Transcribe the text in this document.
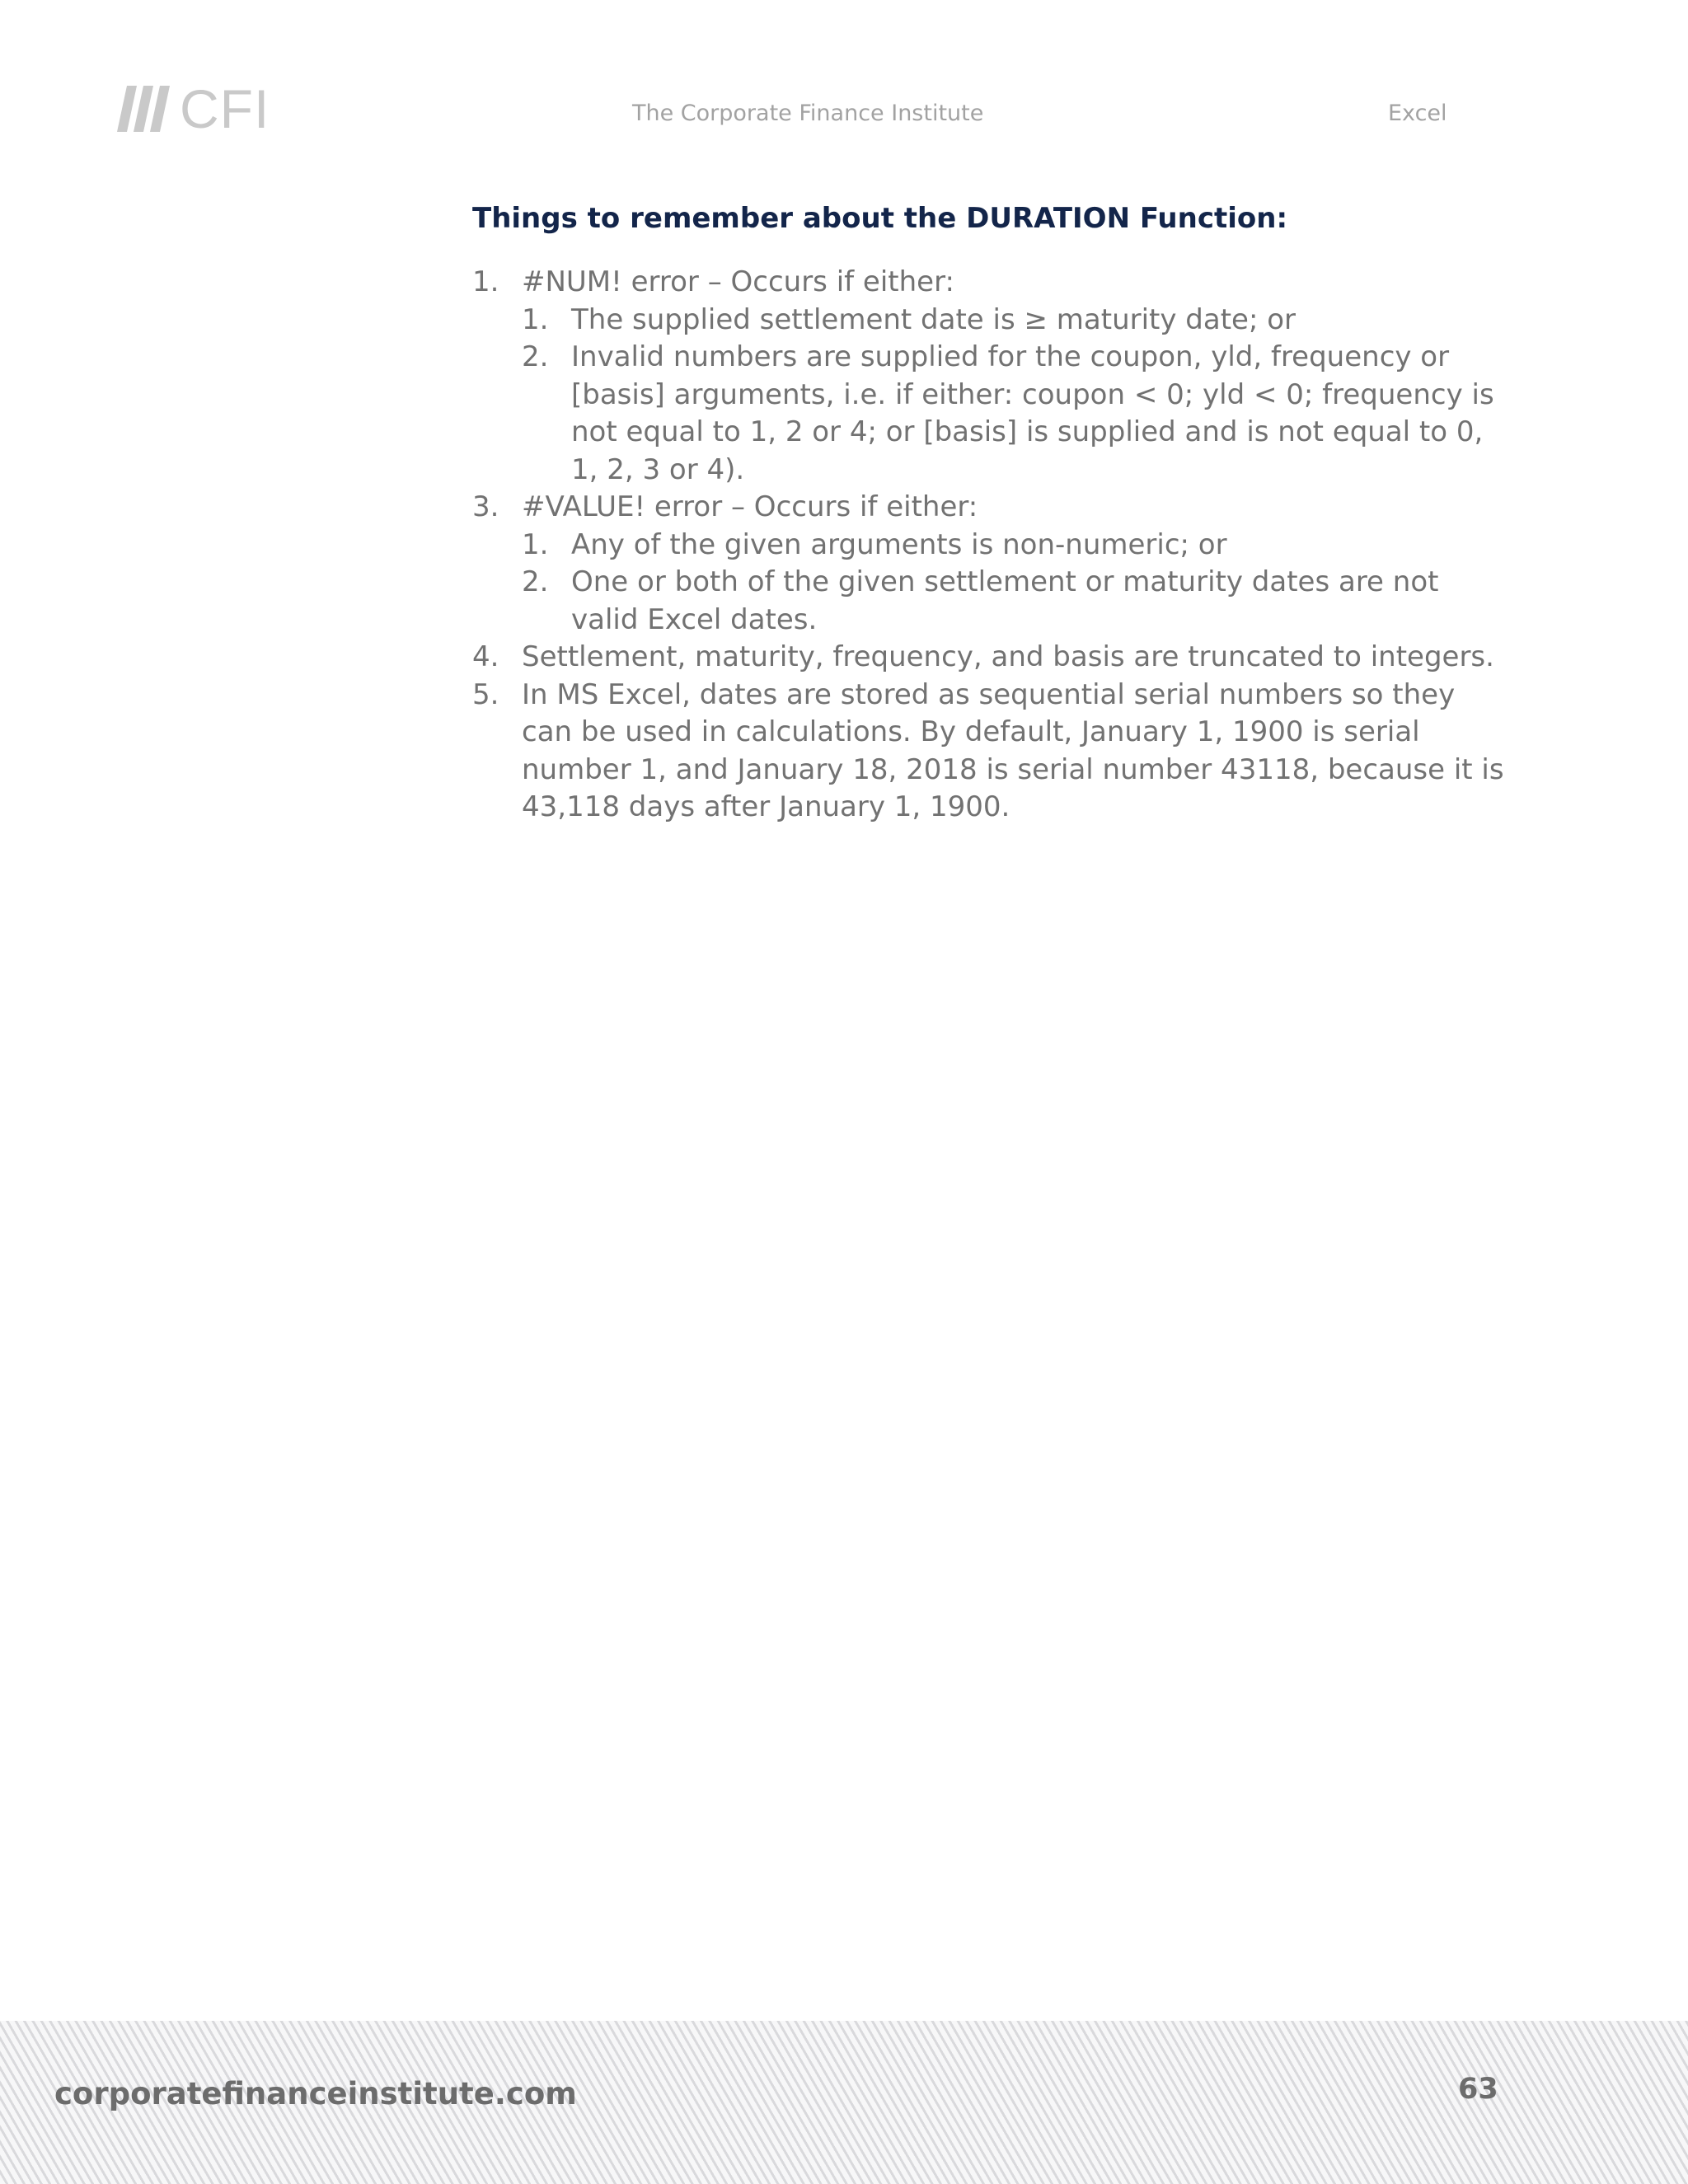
CFI	The Corporate Finance Institute	Excel
Things to remember about the DURATION Function:
1. #NUM! error – Occurs if either:
1. The supplied settlement date is ≥ maturity date; or
2. Invalid numbers are supplied for the coupon, yld, frequency or [basis] arguments, i.e. if either: coupon < 0; yld < 0; frequency is not equal to 1, 2 or 4; or [basis] is supplied and is not equal to 0, 1, 2, 3 or 4).
3. #VALUE! error – Occurs if either:
1. Any of the given arguments is non-numeric; or
2. One or both of the given settlement or maturity dates are not valid Excel dates.
4. Settlement, maturity, frequency, and basis are truncated to integers.
5. In MS Excel, dates are stored as sequential serial numbers so they can be used in calculations. By default, January 1, 1900 is serial number 1, and January 18, 2018 is serial number 43118, because it is 43,118 days after January 1, 1900.
corporatefinanceinstitute.com	63
